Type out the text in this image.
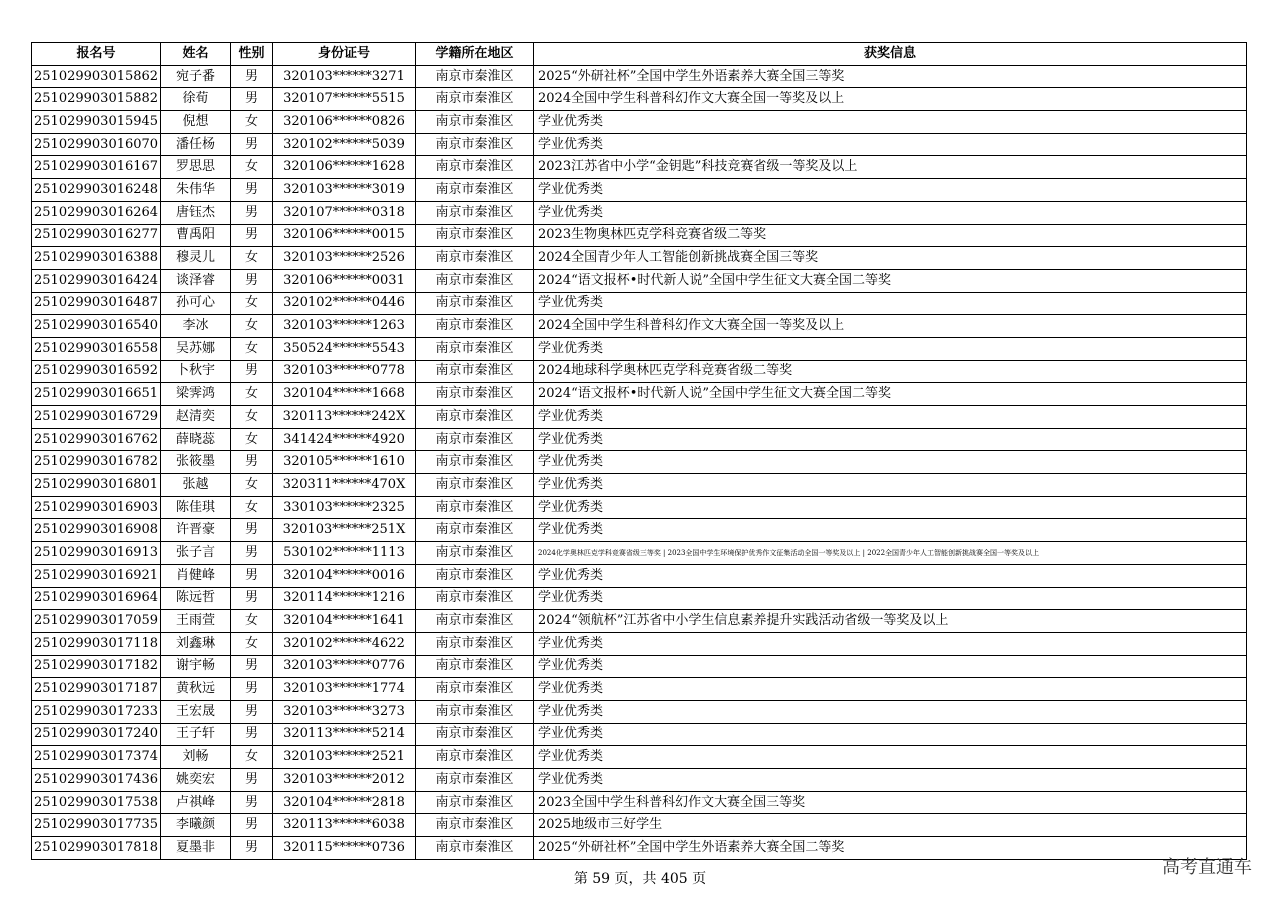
报名号	姓名	性别	身份证号	学籍所在地区	获奖信息
251029903015862	宛子番	男	320103******3271	南京市秦淮区	2025“外研社杯”全国中学生外语素养大赛全国三等奖
251029903015882	徐荀	男	320107******5515	南京市秦淮区	2024全国中学生科普科幻作文大赛全国一等奖及以上
251029903015945	倪想	女	320106******0826	南京市秦淮区	学业优秀类
251029903016070	潘任杨	男	320102******5039	南京市秦淮区	学业优秀类
251029903016167	罗思思	女	320106******1628	南京市秦淮区	2023江苏省中小学“金钥匙”科技竞赛省级一等奖及以上
251029903016248	朱伟华	男	320103******3019	南京市秦淮区	学业优秀类
251029903016264	唐钰杰	男	320107******0318	南京市秦淮区	学业优秀类
251029903016277	曹禹阳	男	320106******0015	南京市秦淮区	2023生物奥林匹克学科竞赛省级二等奖
251029903016388	穆灵儿	女	320103******2526	南京市秦淮区	2024全国青少年人工智能创新挑战赛全国三等奖
251029903016424	谈泽睿	男	320106******0031	南京市秦淮区	2024“语文报杯•时代新人说”全国中学生征文大赛全国二等奖
251029903016487	孙可心	女	320102******0446	南京市秦淮区	学业优秀类
251029903016540	李冰	女	320103******1263	南京市秦淮区	2024全国中学生科普科幻作文大赛全国一等奖及以上
251029903016558	吴苏娜	女	350524******5543	南京市秦淮区	学业优秀类
251029903016592	卜秋宇	男	320103******0778	南京市秦淮区	2024地球科学奥林匹克学科竞赛省级二等奖
251029903016651	梁霁鸿	女	320104******1668	南京市秦淮区	2024“语文报杯•时代新人说”全国中学生征文大赛全国二等奖
251029903016729	赵清奕	女	320113******242X	南京市秦淮区	学业优秀类
251029903016762	薛晓蕊	女	341424******4920	南京市秦淮区	学业优秀类
251029903016782	张筱墨	男	320105******1610	南京市秦淮区	学业优秀类
251029903016801	张越	女	320311******470X	南京市秦淮区	学业优秀类
251029903016903	陈佳琪	女	330103******2325	南京市秦淮区	学业优秀类
251029903016908	许晋豪	男	320103******251X	南京市秦淮区	学业优秀类
251029903016913	张子言	男	530102******1113	南京市秦淮区	2024化学奥林匹克学科竞赛省级三等奖 | 2023全国中学生环境保护优秀作文征集活动全国一等奖及以上 | 2022全国青少年人工智能创新挑战赛全国一等奖及以上
251029903016921	肖健峰	男	320104******0016	南京市秦淮区	学业优秀类
251029903016964	陈远哲	男	320114******1216	南京市秦淮区	学业优秀类
251029903017059	王雨萱	女	320104******1641	南京市秦淮区	2024“领航杯”江苏省中小学生信息素养提升实践活动省级一等奖及以上
251029903017118	刘鑫琳	女	320102******4622	南京市秦淮区	学业优秀类
251029903017182	谢宇畅	男	320103******0776	南京市秦淮区	学业优秀类
251029903017187	黄秋远	男	320103******1774	南京市秦淮区	学业优秀类
251029903017233	王宏晟	男	320103******3273	南京市秦淮区	学业优秀类
251029903017240	王子轩	男	320113******5214	南京市秦淮区	学业优秀类
251029903017374	刘畅	女	320103******2521	南京市秦淮区	学业优秀类
251029903017436	姚奕宏	男	320103******2012	南京市秦淮区	学业优秀类
251029903017538	卢祺峰	男	320104******2818	南京市秦淮区	2023全国中学生科普科幻作文大赛全国三等奖
251029903017735	李曦颜	男	320113******6038	南京市秦淮区	2025地级市三好学生
251029903017818	夏墨非	男	320115******0736	南京市秦淮区	2025“外研社杯”全国中学生外语素养大赛全国二等奖
第 59 页，共 405 页
高考直通车
